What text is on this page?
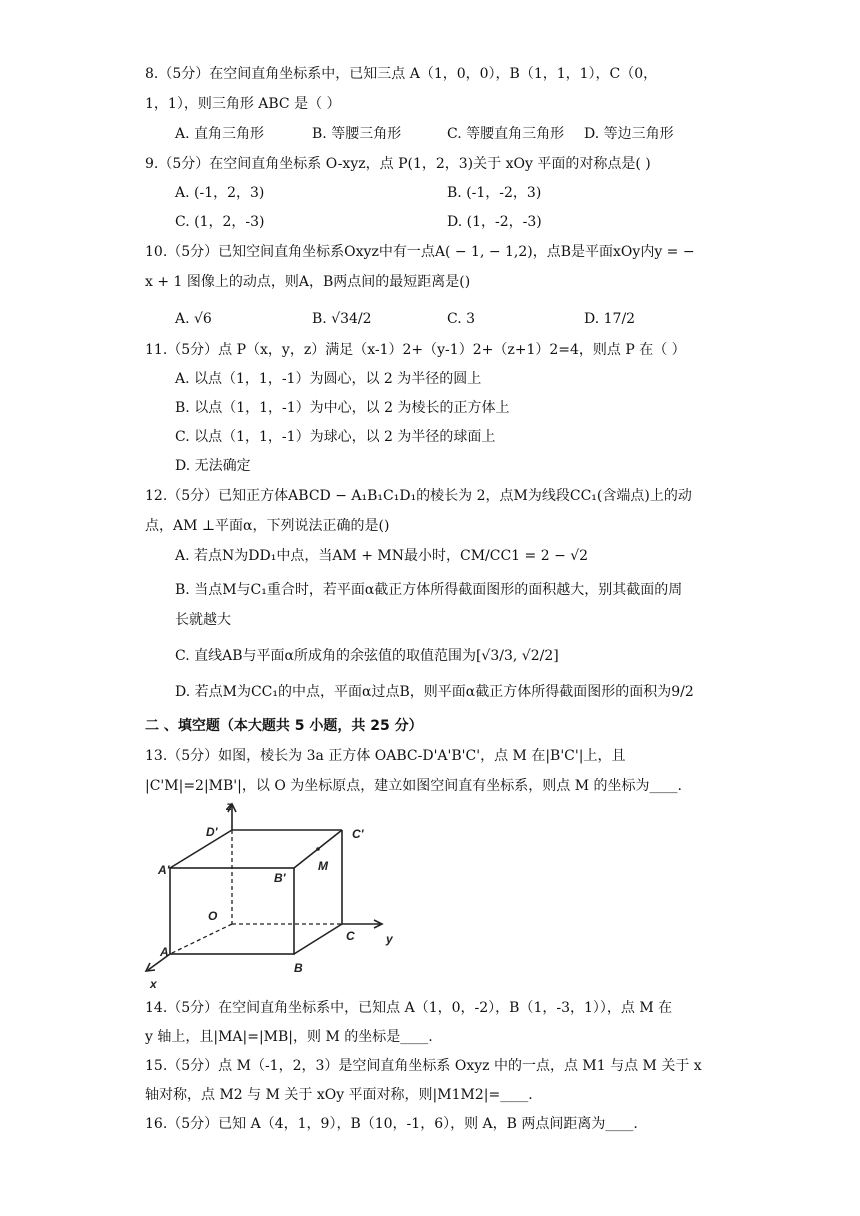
8.（5分）在空间直角坐标系中，已知三点 A（1，0，0），B（1，1，1），C（0，
1，1），则三角形 ABC 是（ ）
A. 直角三角形	B. 等腰三角形	C. 等腰直角三角形 D. 等边三角形
9.（5分）在空间直角坐标系 O-xyz，点 P(1，2，3)关于 xOy 平面的对称点是( )
A. (-1，2，3)	B. (-1，-2，3)
C. (1，2，-3)	D. (1，-2，-3)
10.（5分）已知空间直角坐标系Oxyz中有一点A( − 1, − 1,2)，点B是平面xOy内y = −
x + 1 图像上的动点，则A，B两点间的最短距离是()
A. √6	B. √34/2	C. 3	D. 17/2
11.（5分）点 P（x，y，z）满足（x-1）2+（y-1）2+（z+1）2=4，则点 P 在（ ）
A. 以点（1，1，-1）为圆心，以 2 为半径的圆上
B. 以点（1，1，-1）为中心，以 2 为棱长的正方体上
C. 以点（1，1，-1）为球心，以 2 为半径的球面上
D. 无法确定
12.（5分）已知正方体ABCD − A₁B₁C₁D₁的棱长为 2，点M为线段CC₁(含端点)上的动
点，AM ⊥平面α，下列说法正确的是()
A. 若点N为DD₁中点，当AM + MN最小时，CM/CC1 = 2 − √2
B. 当点M与C₁重合时，若平面α截正方体所得截面图形的面积越大，别其截面的周
长就越大
C. 直线AB与平面α所成角的余弦值的取值范围为[√3/3, √2/2]
D. 若点M为CC₁的中点，平面α过点B，则平面α截正方体所得截面图形的面积为9/2
二 、填空题（本大题共 5 小题，共 25 分）
13.（5分）如图，棱长为 3a 正方体 OABC-D'A'B'C'，点 M 在|B'C'|上，且
|C'M|=2|MB'|，以 O 为坐标原点，建立如图空间直有坐标系，则点 M 的坐标为____.
z
y
x
D'	C'
A'
B'
M
O
A
B
C
14.（5分）在空间直角坐标系中，已知点 A（1，0，-2），B（1，-3，1）），点 M 在
y 轴上，且|MA|=|MB|，则 M 的坐标是____.
15.（5分）点 M（-1，2，3）是空间直角坐标系 Oxyz 中的一点，点 M1 与点 M 关于 x
轴对称，点 M2 与 M 关于 xOy 平面对称，则|M1M2|=____.
16.（5分）已知 A（4，1，9），B（10，-1，6），则 A，B 两点间距离为____.
